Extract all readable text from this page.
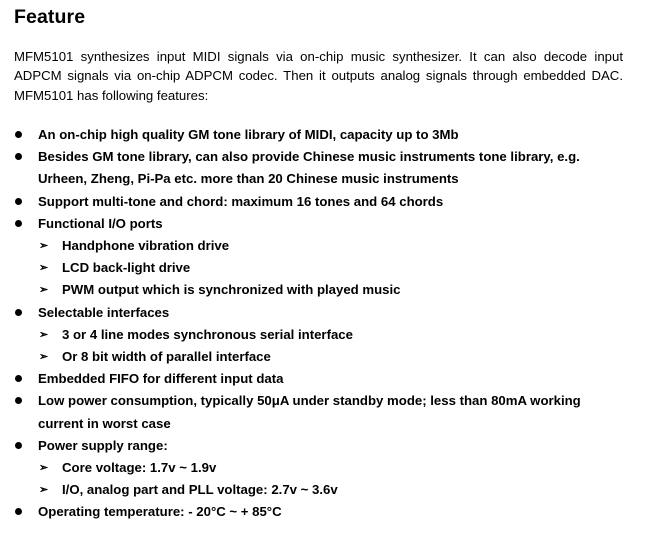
Feature

MFM5101 synthesizes input MIDI signals via on-chip music synthesizer. It can also decode input ADPCM signals via on-chip ADPCM codec. Then it outputs analog signals through embedded DAC. MFM5101 has following features:

An on-chip high quality GM tone library of MIDI, capacity up to 3Mb
Besides GM tone library, can also provide Chinese music instruments tone library, e.g. Urheen, Zheng, Pi-Pa etc. more than 20 Chinese music instruments
Support multi-tone and chord: maximum 16 tones and 64 chords
Functional I/O ports
➢ Handphone vibration drive
➢ LCD back-light drive
➢ PWM output which is synchronized with played music
Selectable interfaces
➢ 3 or 4 line modes synchronous serial interface
➢ Or 8 bit width of parallel interface
Embedded FIFO for different input data
Low power consumption, typically 50μA under standby mode; less than 80mA working current in worst case
Power supply range:
➢ Core voltage: 1.7v ~ 1.9v
➢ I/O, analog part and PLL voltage: 2.7v ~ 3.6v
Operating temperature: - 20°C ~ + 85°C
